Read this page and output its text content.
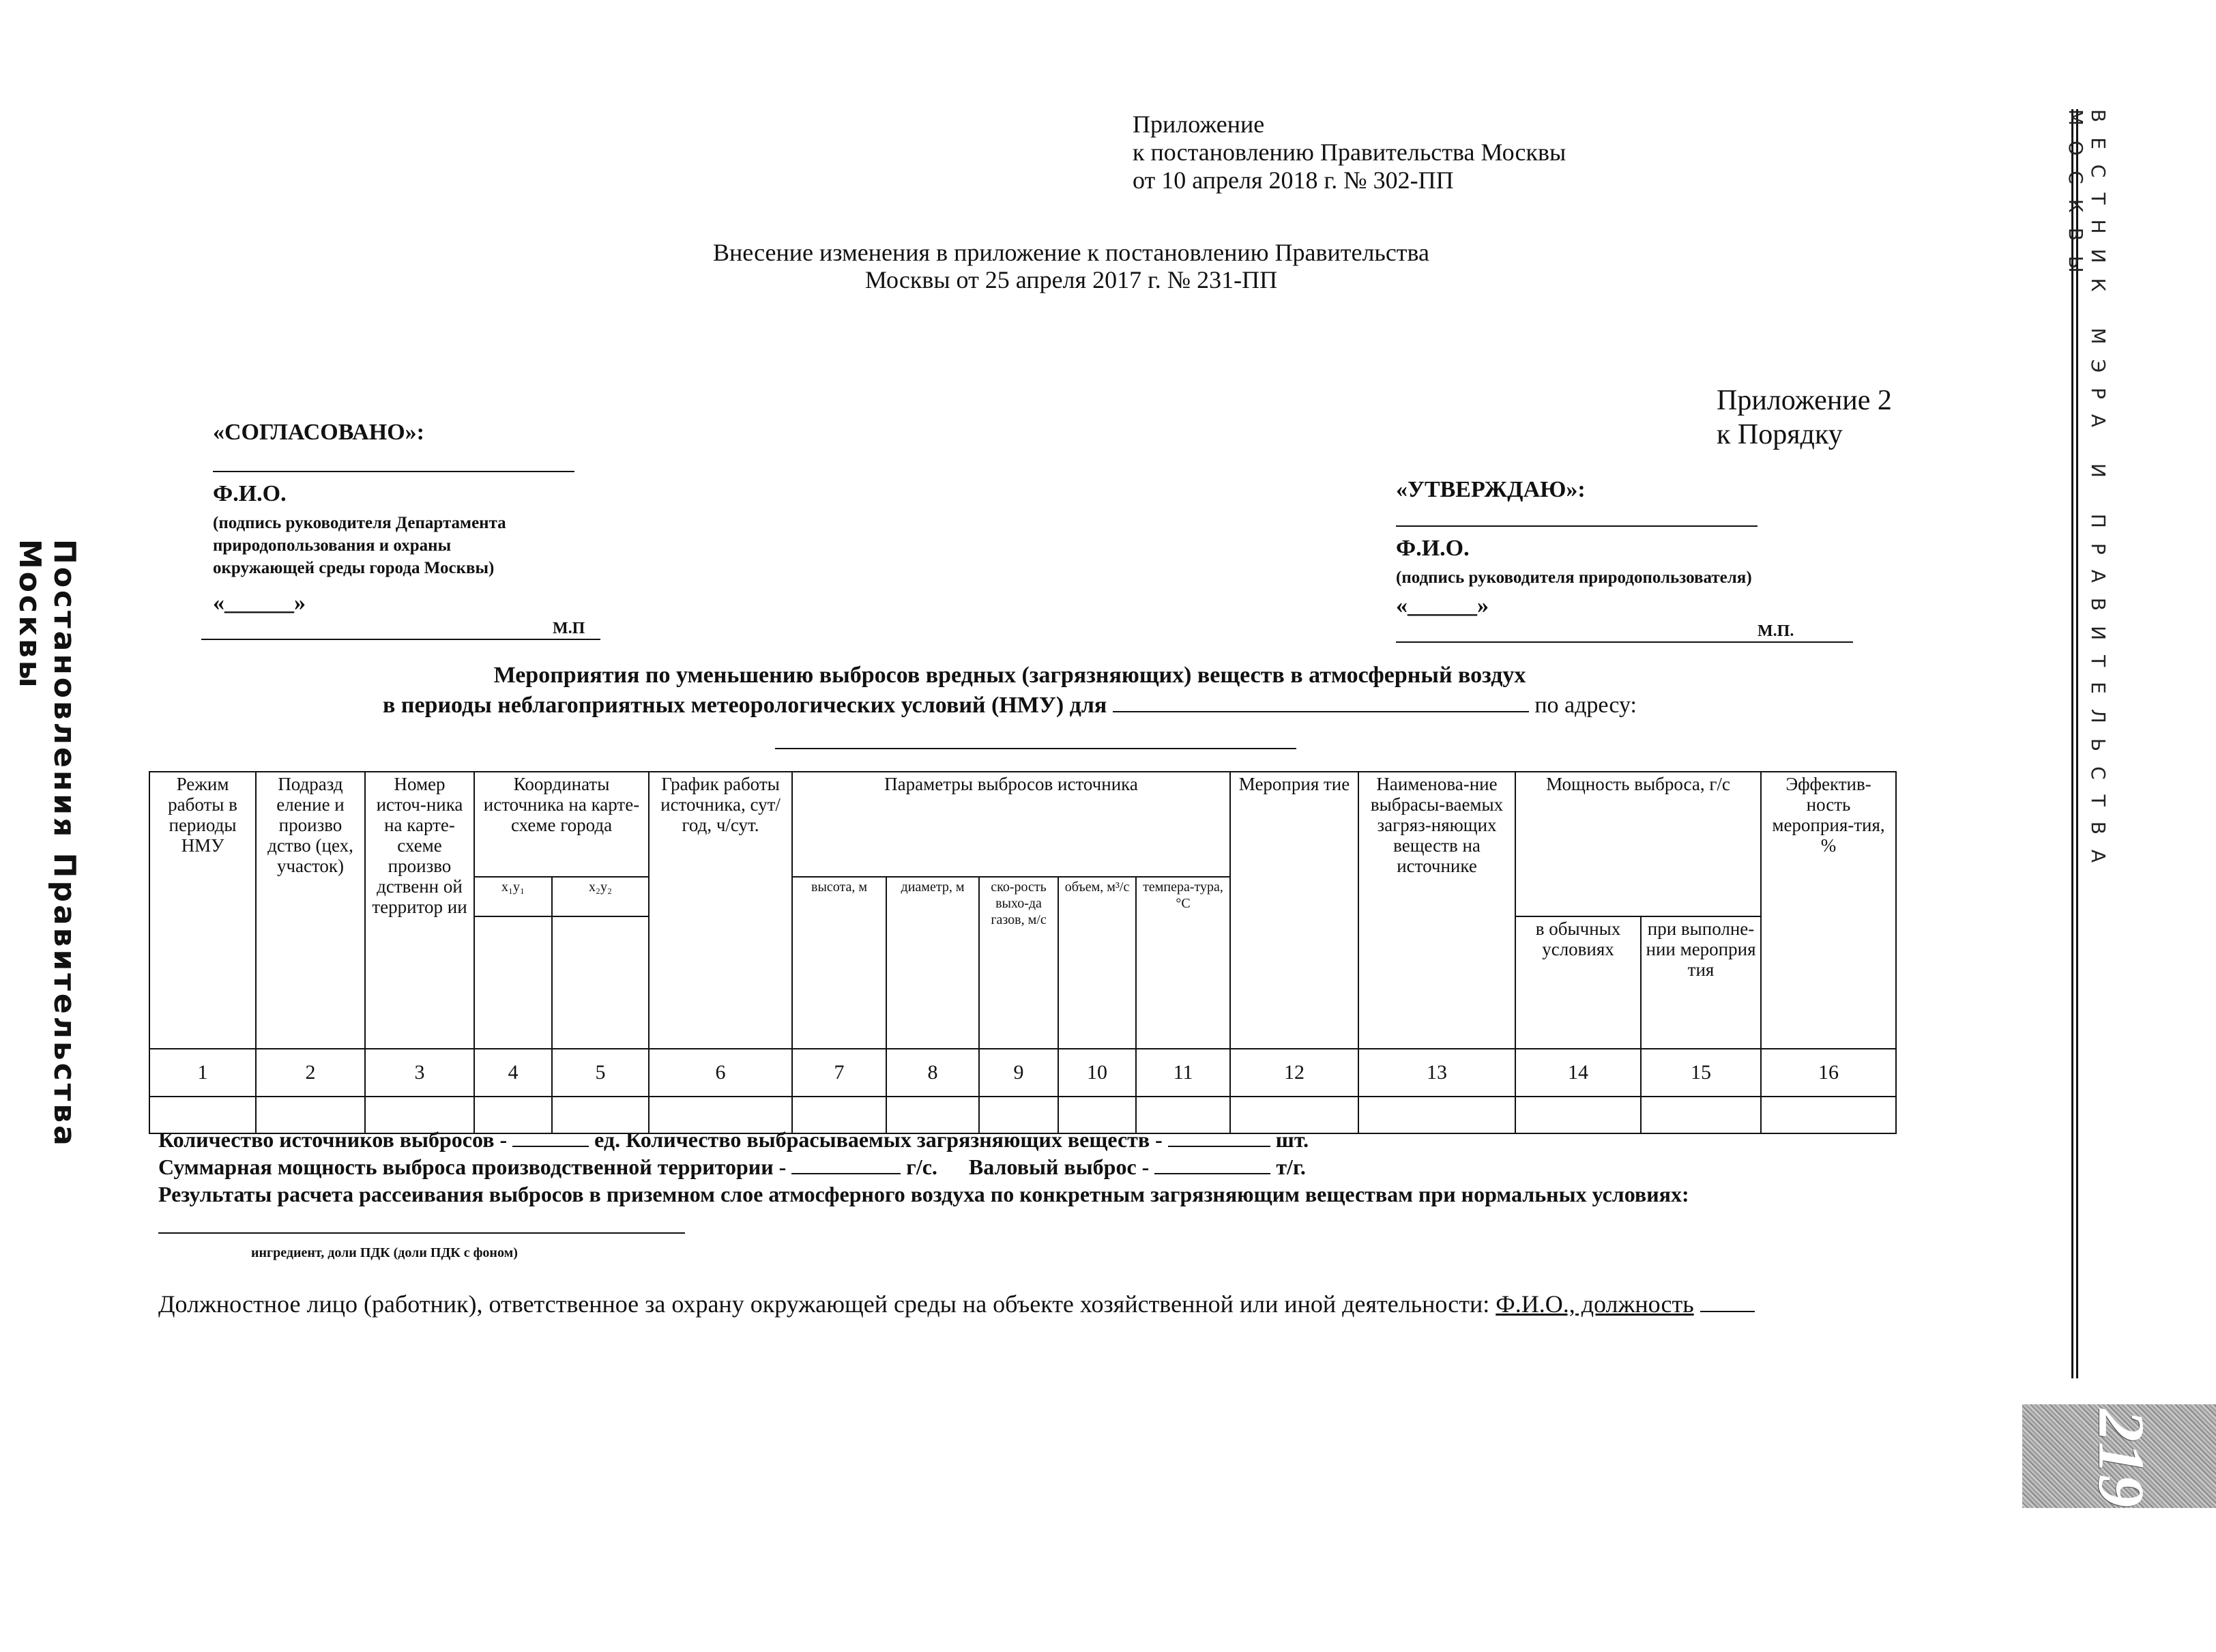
Приложение
к постановлению Правительства Москвы
от 10 апреля 2018 г. № 302-ПП
Внесение изменения в приложение к постановлению Правительства
Москвы от 25 апреля 2017 г. № 231-ПП
Приложение 2
к Порядку
«СОГЛАСОВАНО»:
Ф.И.О.
(подпись руководителя Департамента
природопользования и охраны
окружающей среды города Москвы)
«______»
М.П
«УТВЕРЖДАЮ»:
Ф.И.О.
(подпись руководителя природопользователя)
«______»
М.П.
Мероприятия по уменьшению выбросов вредных (загрязняющих) веществ в атмосферный воздух
в периоды неблагоприятных метеорологических условий (НМУ) для	по адресу:
Режим работы в периоды НМУ	Подразд еление и произво дство (цех, участок)	Номер источ-ника на карте-схеме произво дственн ой территор ии	Координаты источника на карте-схеме города		График работы источника, сут/год, ч/сут.	Параметры выбросов источника					Мероприя тие	Наименова-ние выбрасы-ваемых загряз-няющих веществ на источнике	Мощность выброса, г/с		Эффектив-ность мероприя-тия, %
			x₁y₁	x₂y₂		высота, м	диаметр, м	ско-рость выхо-да газов, м/с	объем, м³/с	темпера-тура, °С					
													в обычных условиях	при выполне-нии мероприя тия	
1	2	3	4	5	6	7	8	9	10	11	12	13	14	15	16

Количество источников выбросов -	ед. Количество выбрасываемых загрязняющих веществ -	шт.
Суммарная мощность выброса производственной территории -	г/с. Валовый выброс -	т/г.
Результаты расчета рассеивания выбросов в приземном слое атмосферного воздуха по конкретным загрязняющим веществам при нормальных условиях:
ингредиент, доли ПДК (доли ПДК с фоном)
Должностное лицо (работник), ответственное за охрану окружающей среды на объекте хозяйственной или иной деятельности: Ф.И.О., должность
ВЕСТНИК МЭРА И ПРАВИТЕЛЬСТВА МОСКВЫ
Постановления Правительства Москвы
219
